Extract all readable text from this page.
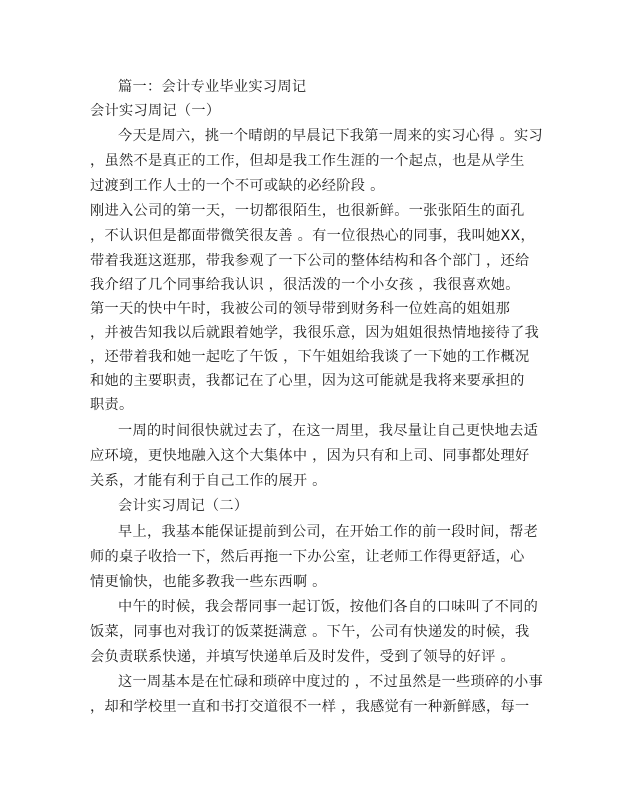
篇一：会计专业毕业实习周记
会计实习周记（一）
今天是周六，挑一个晴朗的早晨记下我第一周来的实习心得 。实习
，虽然不是真正的工作，但却是我工作生涯的一个起点，也是从学生
过渡到工作人士的一个不可或缺的必经阶段 。
刚进入公司的第一天，一切都很陌生，也很新鲜。一张张陌生的面孔
，不认识但是都面带微笑很友善 。有一位很热心的同事，我叫她XX，
带着我逛这逛那，带我参观了一下公司的整体结构和各个部门 ，还给
我介绍了几个同事给我认识 ，很活泼的一个小女孩 ，我很喜欢她。
第一天的快中午时，我被公司的领导带到财务科一位姓高的姐姐那
，并被告知我以后就跟着她学，我很乐意，因为姐姐很热情地接待了我
，还带着我和她一起吃了午饭 ，下午姐姐给我谈了一下她的工作概况
和她的主要职责，我都记在了心里，因为这可能就是我将来要承担的
职责。
一周的时间很快就过去了，在这一周里，我尽量让自己更快地去适
应环境，更快地融入这个大集体中 ，因为只有和上司、同事都处理好
关系，才能有利于自己工作的展开 。
会计实习周记（二）
早上，我基本能保证提前到公司，在开始工作的前一段时间，帮老
师的桌子收拾一下，然后再拖一下办公室，让老师工作得更舒适，心
情更愉快，也能多教我一些东西啊 。
中午的时候，我会帮同事一起订饭，按他们各自的口味叫了不同的
饭菜，同事也对我订的饭菜挺满意 。下午，公司有快递发的时候，我
会负责联系快递，并填写快递单后及时发件，受到了领导的好评 。
这一周基本是在忙碌和琐碎中度过的 ，不过虽然是一些琐碎的小事
，却和学校里一直和书打交道很不一样 ，我感觉有一种新鲜感，每一
